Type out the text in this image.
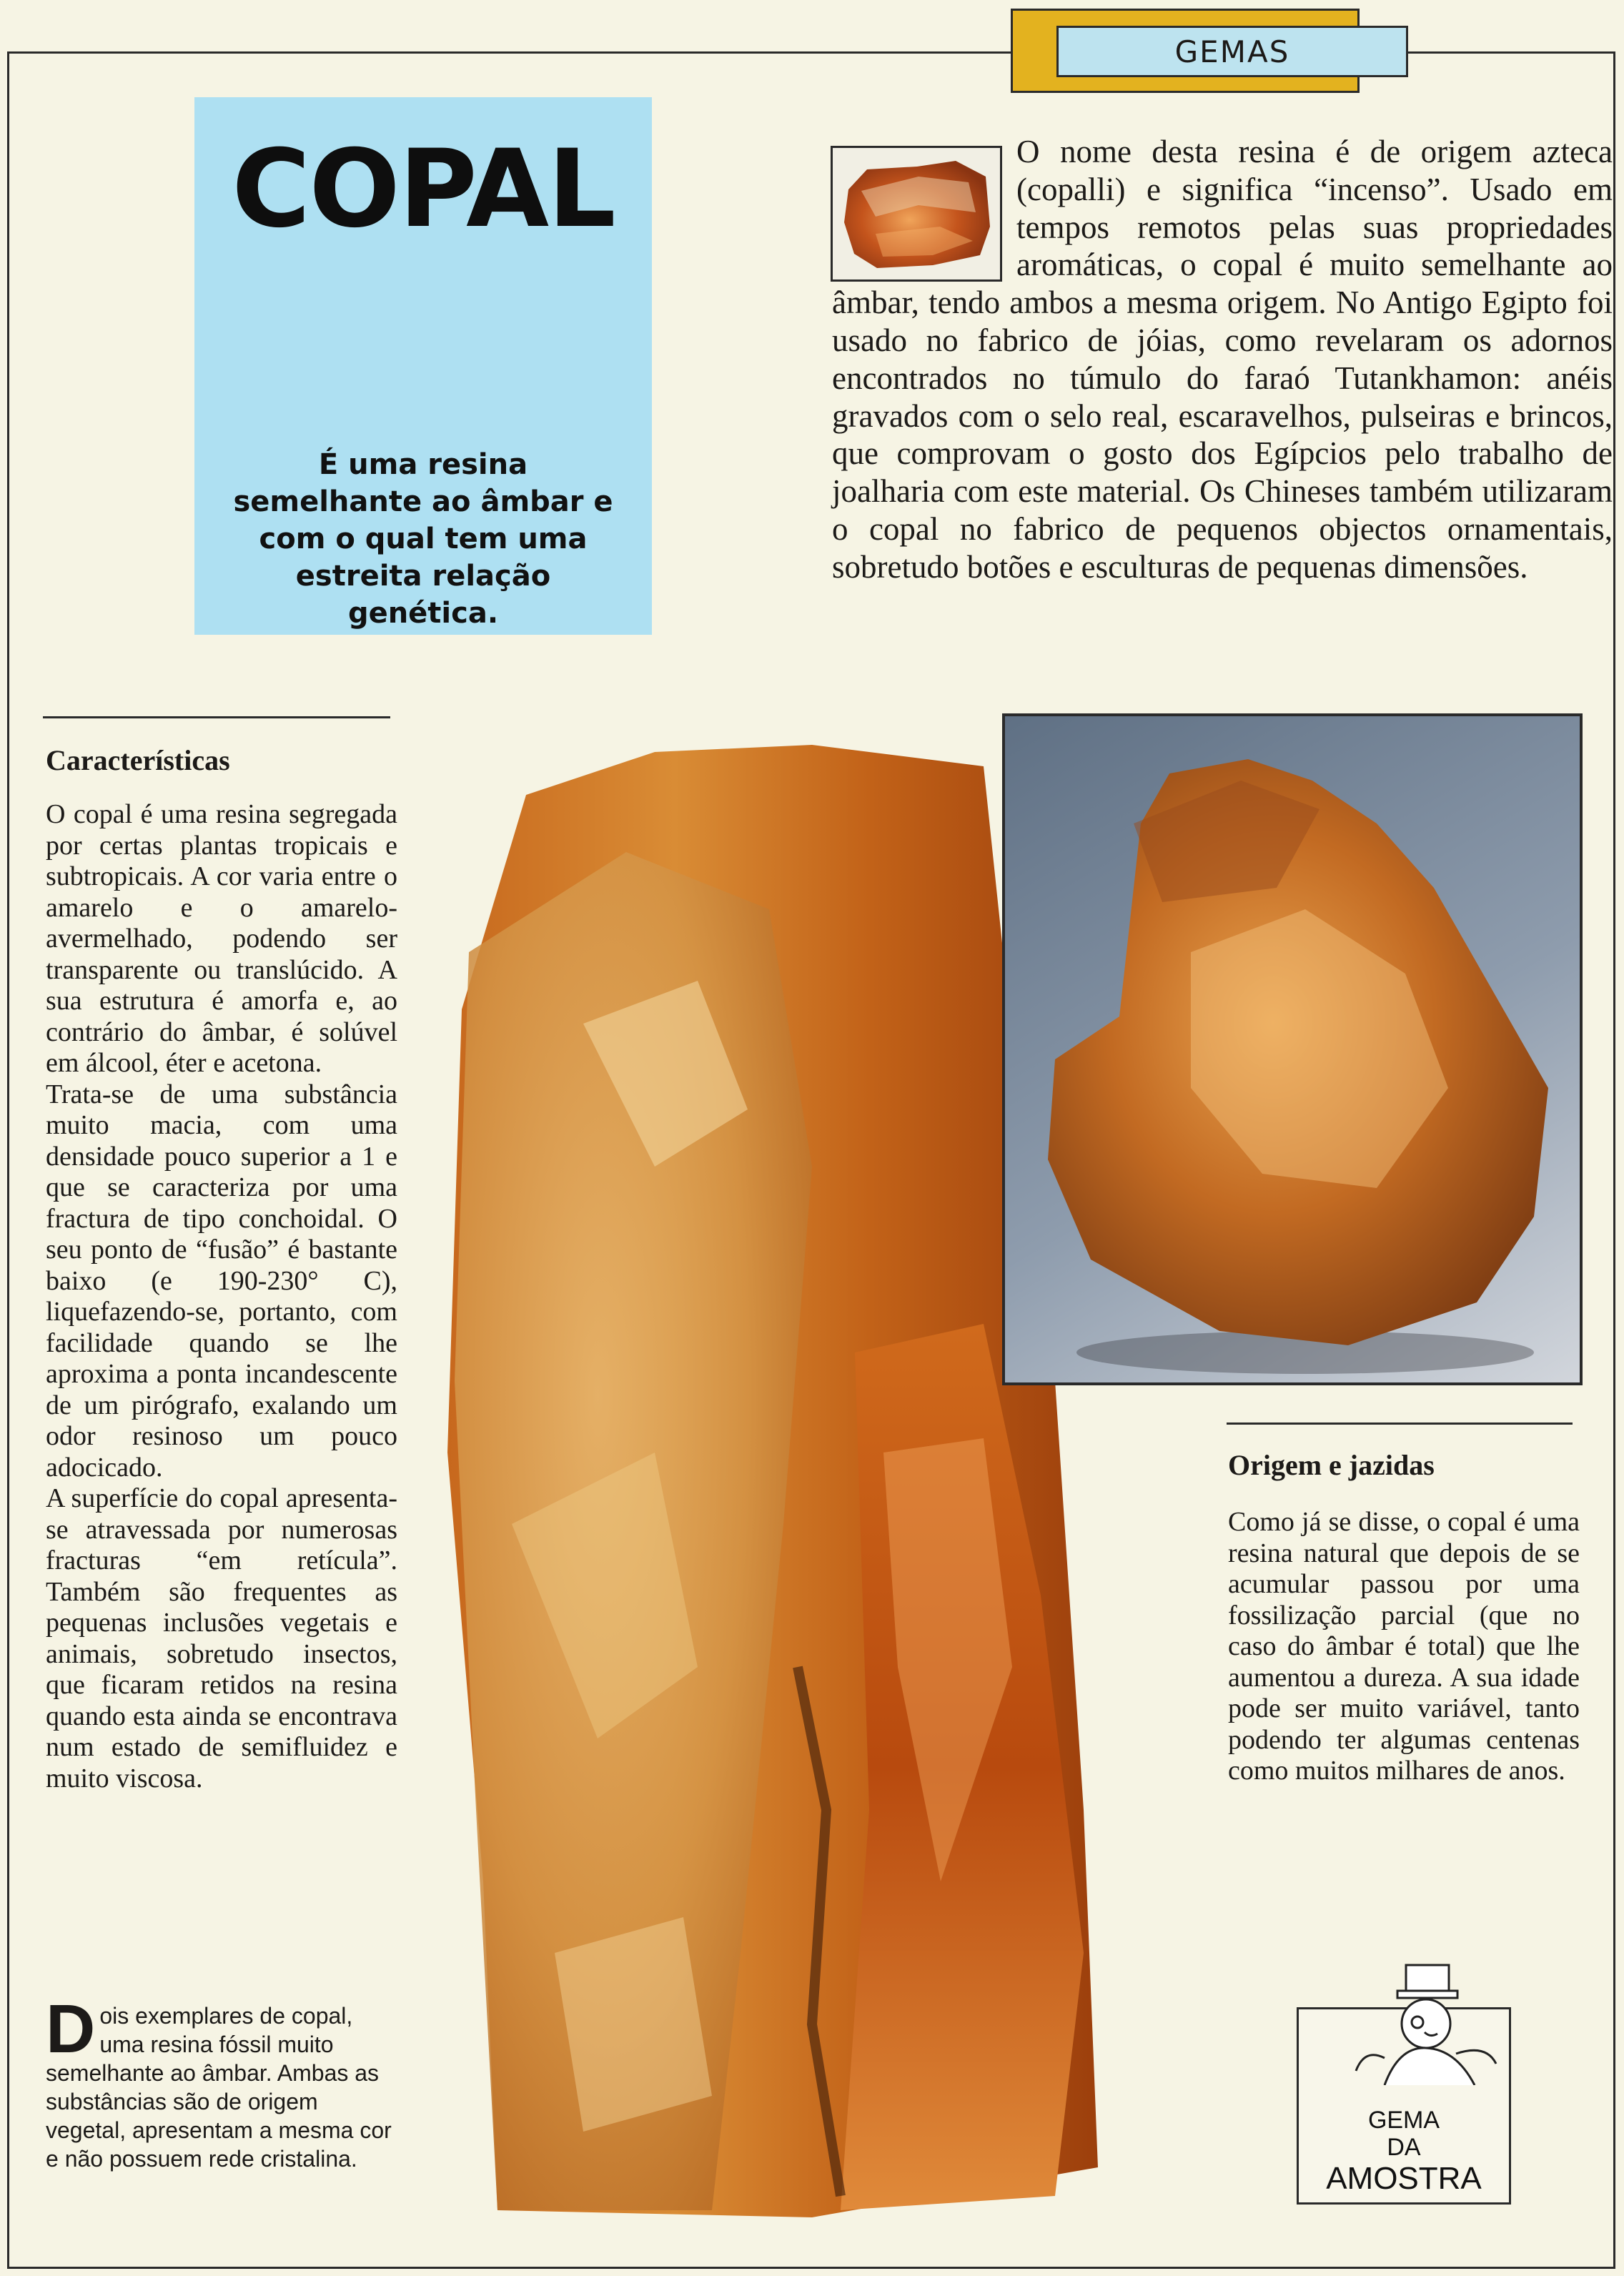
GEMAS
COPAL

É uma resina semelhante ao âmbar e com o qual tem uma estreita relação genética.

O nome desta resina é de origem azteca (copalli) e significa “incenso”. Usado em tempos remotos pelas suas propriedades aromáticas, o copal é muito semelhante ao âmbar, tendo ambos a mesma origem. No Antigo Egipto foi usado no fabrico de jóias, como revelaram os adornos encontrados no túmulo do faraó Tutankhamon: anéis gravados com o selo real, escaravelhos, pulseiras e brincos, que comprovam o gosto dos Egípcios pelo trabalho de joalharia com este material. Os Chineses também utilizaram o copal no fabrico de pequenos objectos ornamentais, sobretudo botões e esculturas de pequenas dimensões.

Características

O copal é uma resina segregada por certas plantas tropicais e subtropicais. A cor varia entre o amarelo e o amarelo-avermelhado, podendo ser transparente ou translúcido. A sua estrutura é amorfa e, ao contrário do âmbar, é solúvel em álcool, éter e acetona.

Trata-se de uma substância muito macia, com uma densidade pouco superior a 1 e que se caracteriza por uma fractura de tipo conchoidal. O seu ponto de “fusão” é bastante baixo (e 190-230° C), liquefazendo-se, portanto, com facilidade quando se lhe aproxima a ponta incandescente de um pirógrafo, exalando um odor resinoso um pouco adocicado.

A superfície do copal apresenta-se atravessada por numerosas fracturas “em retícula”. Também são frequentes as pequenas inclusões vegetais e animais, sobretudo insectos, que ficaram retidos na resina quando esta ainda se encontrava num estado de semifluidez e muito viscosa.

Origem e jazidas

Como já se disse, o copal é uma resina natural que depois de se acumular passou por uma fossilização parcial (que no caso do âmbar é total) que lhe aumentou a dureza. A sua idade pode ser muito variável, tanto podendo ter algumas centenas como muitos milhares de anos.

Dois exemplares de copal, uma resina fóssil muito semelhante ao âmbar. Ambas as substâncias são de origem vegetal, apresentam a mesma cor e não possuem rede cristalina.

GEMA
DA
AMOSTRA
